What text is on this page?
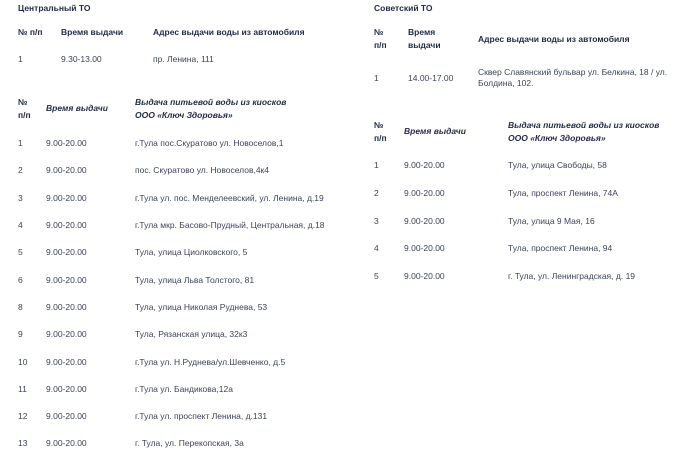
Центральный ТО
№ п/п	Время выдачи	Адрес выдачи воды из автомобиля
1	9.30-13.00	пр. Ленина, 111
№
п/п	Время выдачи	Выдача питьевой воды из киосков
ООО «Ключ Здоровья»

1	9.00-20.00	г.Тула пос.Скуратово ул. Новоселов,1
2	9.00-20.00	пос. Скуратово ул. Новоселов,4к4
3	9.00-20.00	г.Тула ул. пос. Менделеевский, ул. Ленина, д.19
4	9.00-20.00	г.Тула мкр. Басово-Прудный, Центральная, д.18
5	9.00-20.00	Тула, улица Циолковского, 5
6	9.00-20.00	Тула, улица Льва Толстого, 81
8	9.00-20.00	Тула, улица Николая Руднева, 53
9	9.00-20.00	Тула, Рязанская улица, 32к3
10	9.00-20.00	г.Тула ул. Н.Руднева/ул.Шевченко, д.5
11	9.00-20.00	г.Тула ул. Бандикова,12а
12	9.00-20.00	г.Тула ул. проспект Ленина, д.131
13	9.00-20.00	г. Тула, ул. Перекопская, 3а
Советский ТО
№
п/п	Время
выдачи	Адрес выдачи воды из автомобиля
1	14.00-17.00	Сквер Славянский бульвар ул. Белкина, 18 / ул. Болдина, 102.
№
п/п	Время выдачи	Выдача питьевой воды из киосков
ООО «Ключ Здоровья»

1	9.00-20.00	Тула, улица Свободы, 58
2	9.00-20.00	Тула, проспект Ленина, 74А
3	9.00-20.00	Тула, улица 9 Мая, 16
4	9.00-20.00	Тула, проспект Ленина, 94
5	9.00-20.00	г. Тула, ул. Ленинградская, д. 19
